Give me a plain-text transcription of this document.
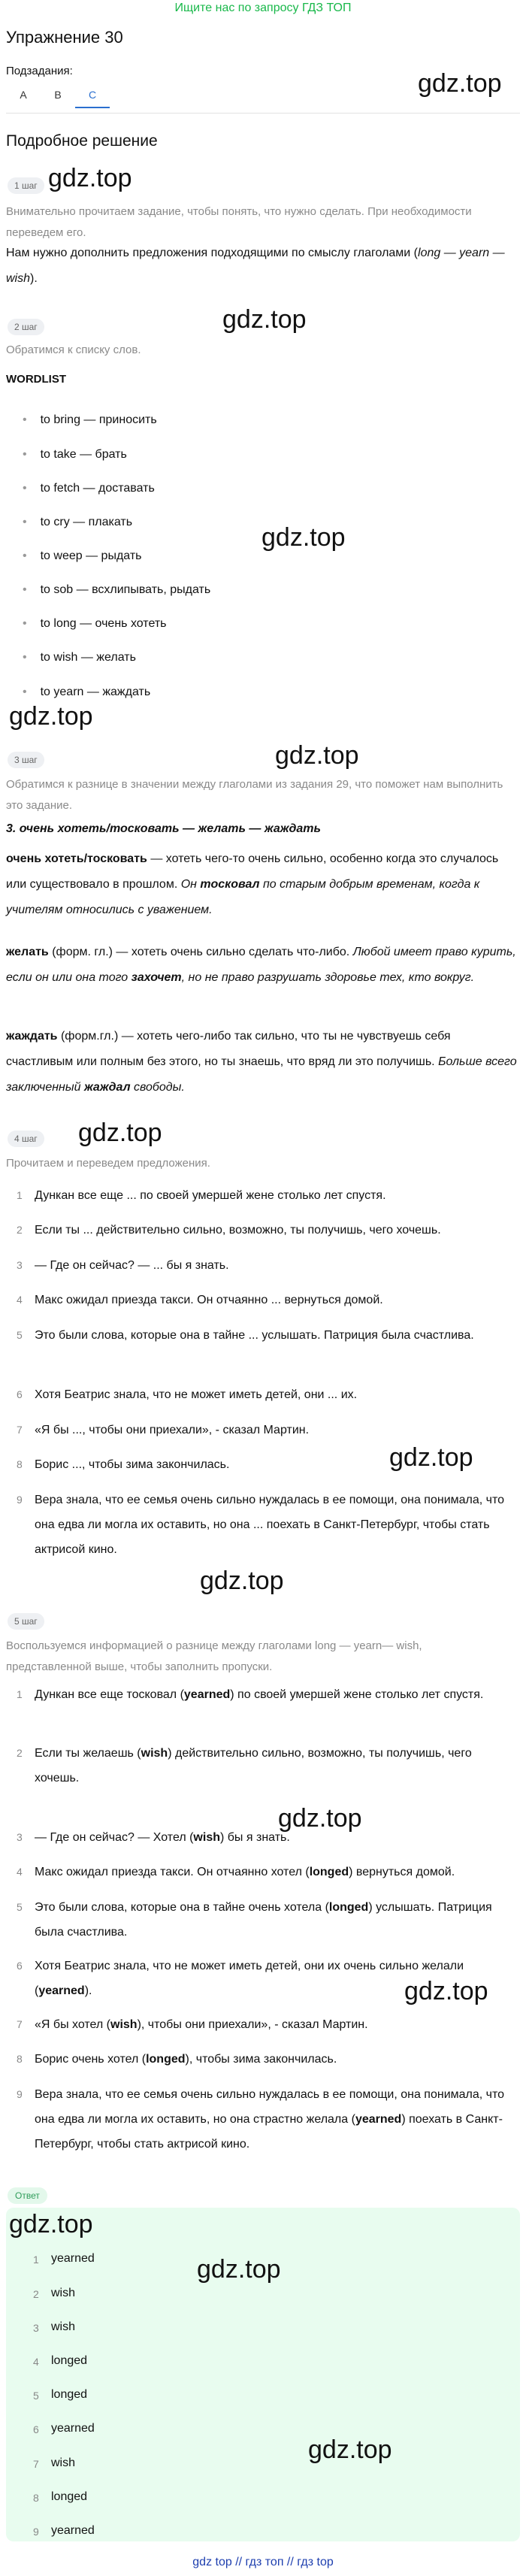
Ищите нас по запросу ГДЗ ТОП
Упражнение 30
Подзадания:	gdz.top
A	B	C
Подробное решение
1 шаг gdz.top
Внимательно прочитаем задание, чтобы понять, что нужно сделать. При необходимости переведем его.
Нам нужно дополнить предложения подходящими по смыслу глаголами (long — yearn — wish).
gdz.top
2 шаг
Обратимся к списку слов.
WORDLIST
• to bring — приносить
• to take — брать
• to fetch — доставать
• to cry — плакать
gdz.top
• to weep — рыдать
• to sob — всхлипывать, рыдать
• to long — очень хотеть
• to wish — желать
• to yearn — жаждать
gdz.top
gdz.top
3 шаг
Обратимся к разнице в значении между глаголами из задания 29, что поможет нам выполнить это задание.
3. очень хотеть/тосковать — желать — жаждать
очень хотеть/тосковать — хотеть чего-то очень сильно, особенно когда это случалось или существовало в прошлом. Он тосковал по старым добрым временам, когда к учителям относились с уважением.
желать (форм. гл.) — хотеть очень сильно сделать что-либо. Любой имеет право курить, если он или она того захочет, но не право разрушать здоровье тех, кто вокруг.
жаждать (форм.гл.) — хотеть чего-либо так сильно, что ты не чувствуешь себя счастливым или полным без этого, но ты знаешь, что вряд ли это получишь. Больше всего заключенный жаждал свободы.
4 шаг gdz.top
Прочитаем и переведем предложения.
1 Дункан все еще ... по своей умершей жене столько лет спустя.
2 Если ты ... действительно сильно, возможно, ты получишь, чего хочешь.
3 — Где он сейчас? — ... бы я знать.
4 Макс ожидал приезда такси. Он отчаянно ... вернуться домой.
5 Это были слова, которые она в тайне ... услышать. Патриция была счастлива.
6 Хотя Беатрис знала, что не может иметь детей, они ... их.
7 «Я бы ..., чтобы они приехали», - сказал Мартин.
gdz.top
8 Борис ..., чтобы зима закончилась.
9 Вера знала, что ее семья очень сильно нуждалась в ее помощи, она понимала, что она едва ли могла их оставить, но она ... поехать в Санкт-Петербург, чтобы стать актрисой кино.
gdz.top
5 шаг
Воспользуемся информацией о разнице между глаголами long — yearn— wish, представленной выше, чтобы заполнить пропуски.
1 Дункан все еще тосковал (yearned) по своей умершей жене столько лет спустя.
2 Если ты желаешь (wish) действительно сильно, возможно, ты получишь, чего хочешь.
gdz.top
3 — Где он сейчас? — Хотел (wish) бы я знать.
4 Макс ожидал приезда такси. Он отчаянно хотел (longed) вернуться домой.
5 Это были слова, которые она в тайне очень хотела (longed) услышать. Патриция была счастлива.
6 Хотя Беатрис знала, что не может иметь детей, они их очень сильно желали (yearned).	gdz.top
7 «Я бы хотел (wish), чтобы они приехали», - сказал Мартин.
8 Борис очень хотел (longed), чтобы зима закончилась.
9 Вера знала, что ее семья очень сильно нуждалась в ее помощи, она понимала, что она едва ли могла их оставить, но она страстно желала (yearned) поехать в Санкт-Петербург, чтобы стать актрисой кино.
Ответ
gdz.top
gdz.top
gdz.top
1 yearned
2 wish
3 wish
4 longed
5 longed
6 yearned
7 wish
8 longed
9 yearned
gdz top // гдз топ // гдз top
